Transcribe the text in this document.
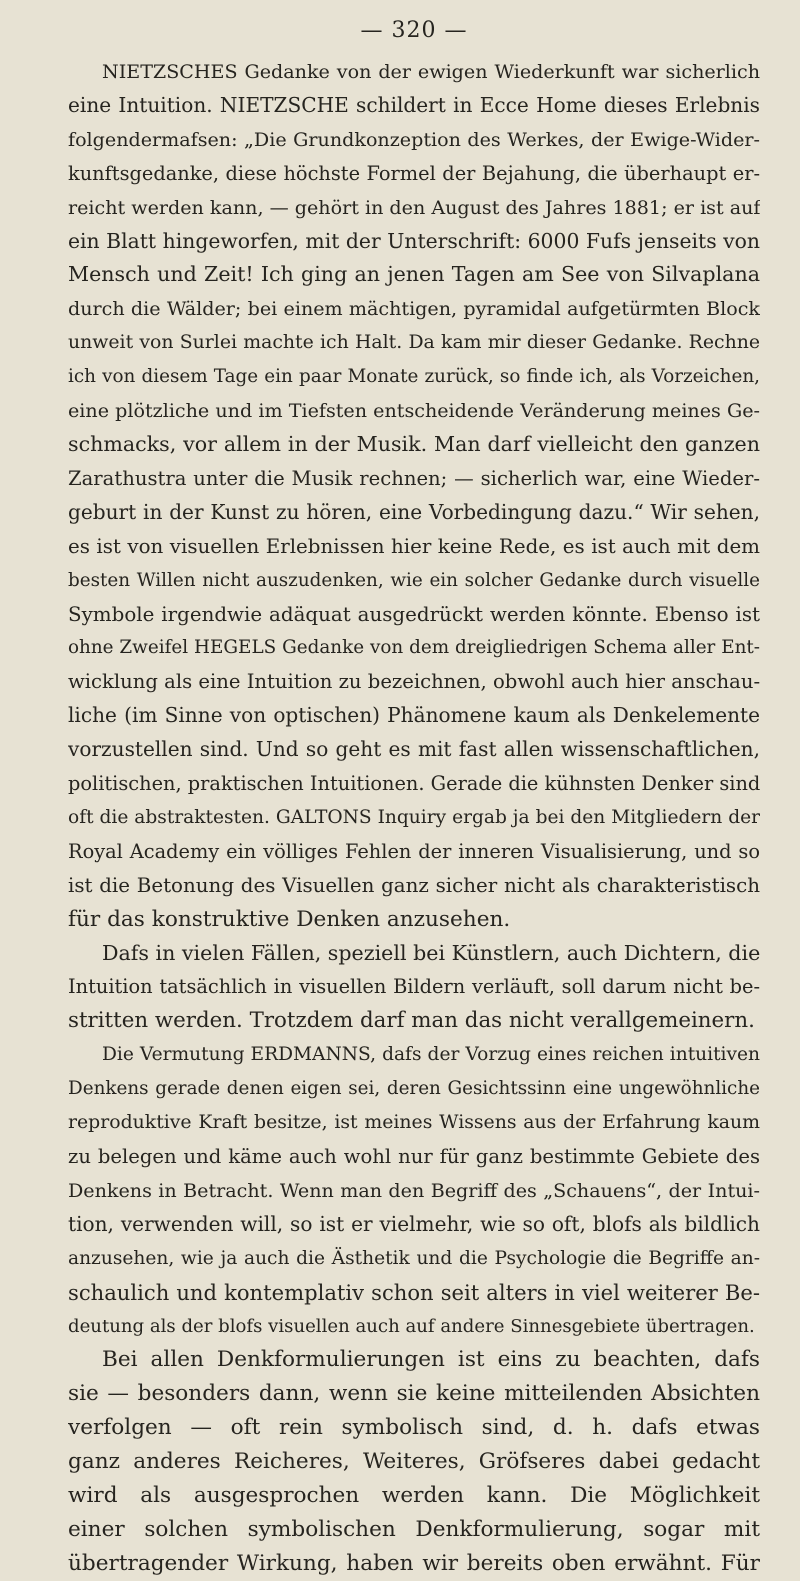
— 320 —
NIETZSCHES Gedanke von der ewigen Wiederkunft war sicherlich
eine Intuition. NIETZSCHE schildert in Ecce Home dieses Erlebnis
folgendermafsen: „Die Grundkonzeption des Werkes, der Ewige-Wider-
kunftsgedanke, diese höchste Formel der Bejahung, die überhaupt er-
reicht werden kann, — gehört in den August des Jahres 1881; er ist auf
ein Blatt hingeworfen, mit der Unterschrift: 6000 Fufs jenseits von
Mensch und Zeit! Ich ging an jenen Tagen am See von Silvaplana
durch die Wälder; bei einem mächtigen, pyramidal aufgetürmten Block
unweit von Surlei machte ich Halt. Da kam mir dieser Gedanke. Rechne
ich von diesem Tage ein paar Monate zurück, so finde ich, als Vorzeichen,
eine plötzliche und im Tiefsten entscheidende Veränderung meines Ge-
schmacks, vor allem in der Musik. Man darf vielleicht den ganzen
Zarathustra unter die Musik rechnen; — sicherlich war, eine Wieder-
geburt in der Kunst zu hören, eine Vorbedingung dazu.“ Wir sehen,
es ist von visuellen Erlebnissen hier keine Rede, es ist auch mit dem
besten Willen nicht auszudenken, wie ein solcher Gedanke durch visuelle
Symbole irgendwie adäquat ausgedrückt werden könnte. Ebenso ist
ohne Zweifel HEGELS Gedanke von dem dreigliedrigen Schema aller Ent-
wicklung als eine Intuition zu bezeichnen, obwohl auch hier anschau-
liche (im Sinne von optischen) Phänomene kaum als Denkelemente
vorzustellen sind. Und so geht es mit fast allen wissenschaftlichen,
politischen, praktischen Intuitionen. Gerade die kühnsten Denker sind
oft die abstraktesten. GALTONS Inquiry ergab ja bei den Mitgliedern der
Royal Academy ein völliges Fehlen der inneren Visualisierung, und so
ist die Betonung des Visuellen ganz sicher nicht als charakteristisch
für das konstruktive Denken anzusehen.
Dafs in vielen Fällen, speziell bei Künstlern, auch Dichtern, die
Intuition tatsächlich in visuellen Bildern verläuft, soll darum nicht be-
stritten werden. Trotzdem darf man das nicht verallgemeinern.
Die Vermutung ERDMANNS, dafs der Vorzug eines reichen intuitiven
Denkens gerade denen eigen sei, deren Gesichtssinn eine ungewöhnliche
reproduktive Kraft besitze, ist meines Wissens aus der Erfahrung kaum
zu belegen und käme auch wohl nur für ganz bestimmte Gebiete des
Denkens in Betracht. Wenn man den Begriff des „Schauens“, der Intui-
tion, verwenden will, so ist er vielmehr, wie so oft, blofs als bildlich
anzusehen, wie ja auch die Ästhetik und die Psychologie die Begriffe an-
schaulich und kontemplativ schon seit alters in viel weiterer Be-
deutung als der blofs visuellen auch auf andere Sinnesgebiete übertragen.
Bei allen Denkformulierungen ist eins zu beachten, dafs
sie — besonders dann, wenn sie keine mitteilenden Absichten
verfolgen — oft rein symbolisch sind, d. h. dafs etwas
ganz anderes Reicheres, Weiteres, Gröfseres dabei gedacht
wird als ausgesprochen werden kann. Die Möglichkeit
einer solchen symbolischen Denkformulierung, sogar mit
übertragender Wirkung, haben wir bereits oben erwähnt. Für
